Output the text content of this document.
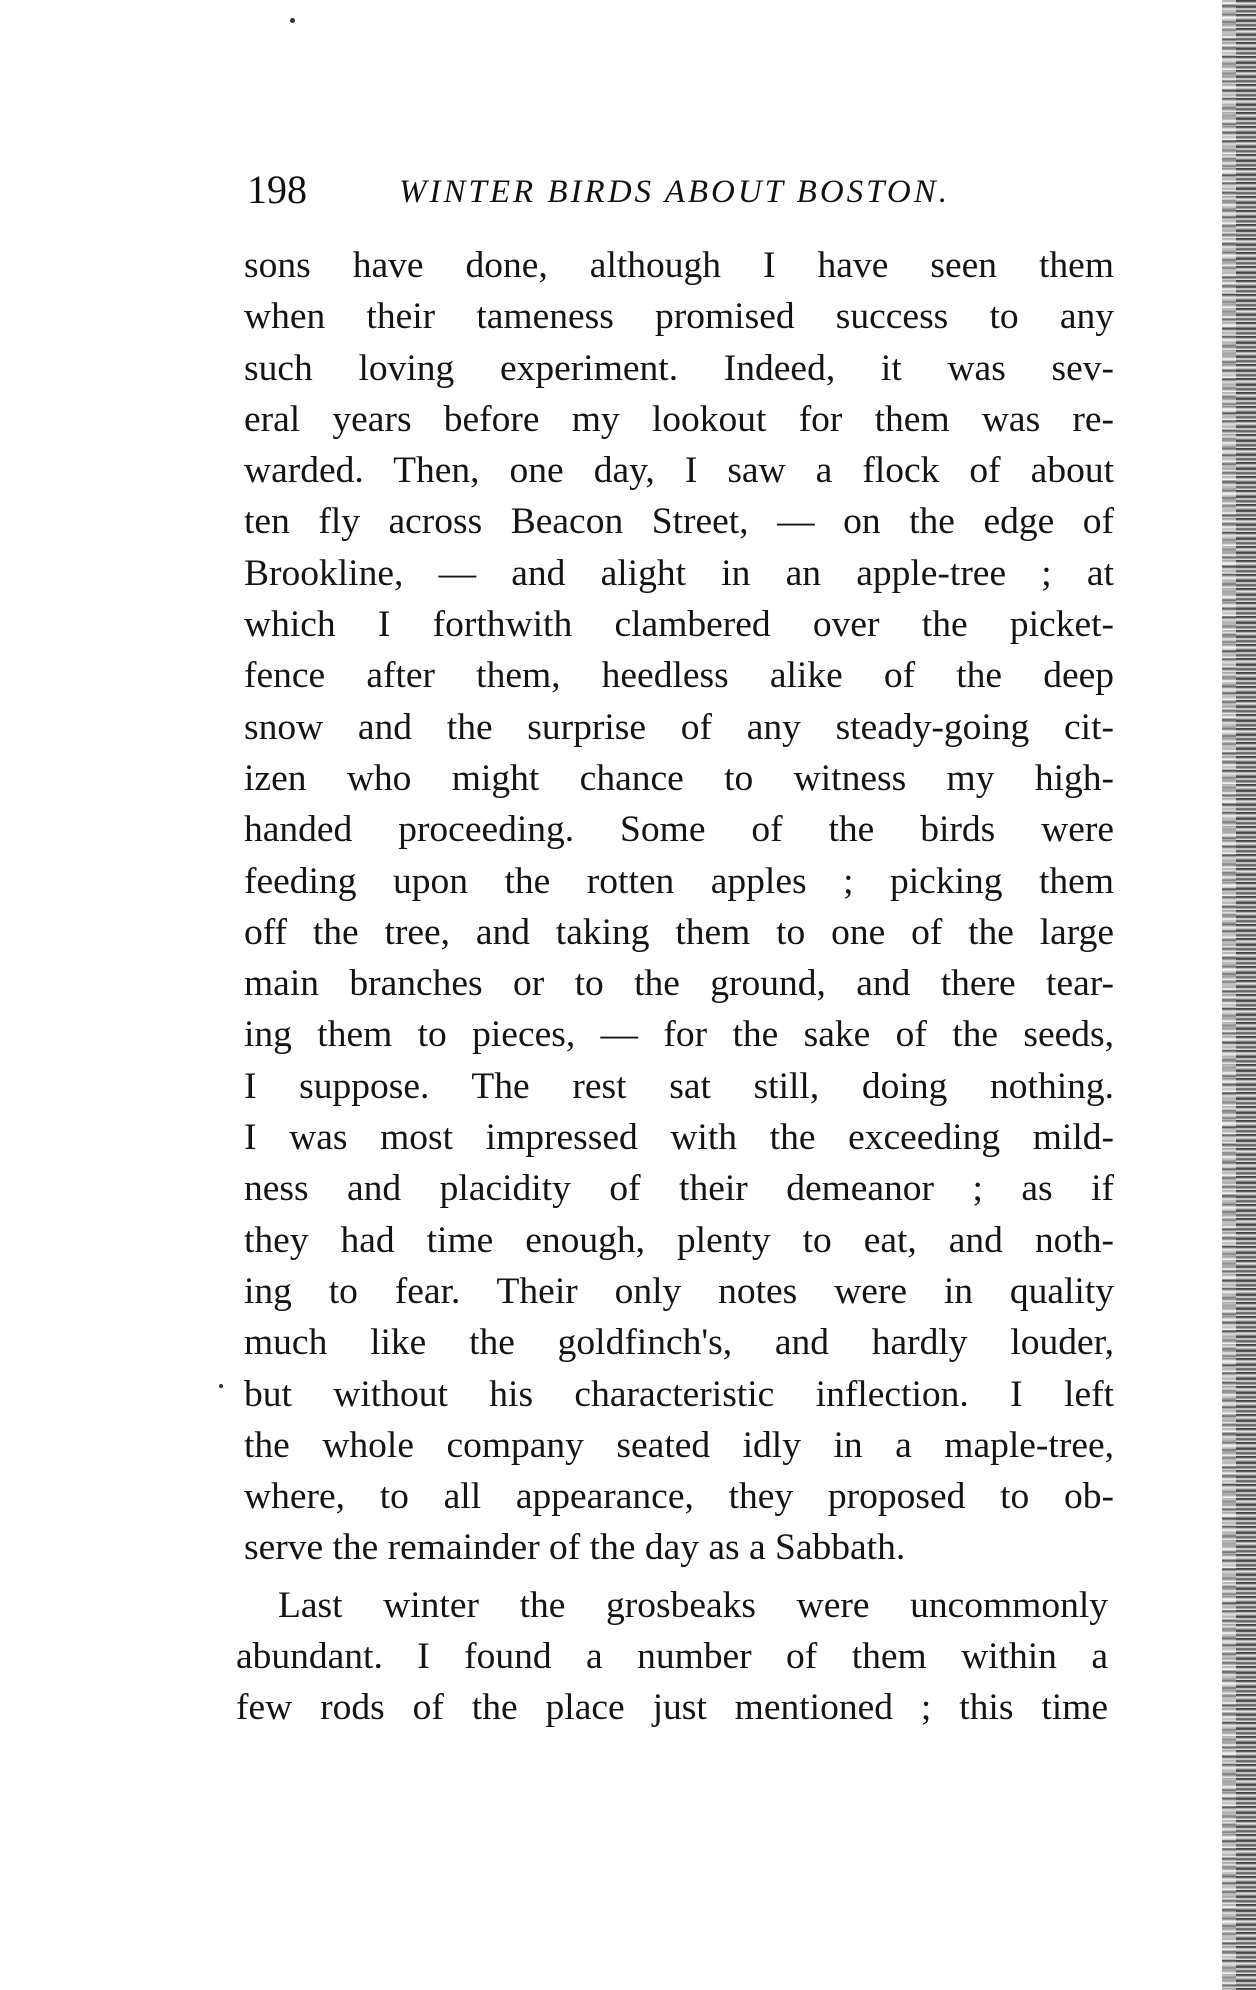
198	WINTER BIRDS ABOUT BOSTON.
sons have done, although I have seen them
when their tameness promised success to any
such loving experiment. Indeed, it was sev-
eral years before my lookout for them was re-
warded. Then, one day, I saw a flock of about
ten fly across Beacon Street, — on the edge of
Brookline, — and alight in an apple-tree ; at
which I forthwith clambered over the picket-
fence after them, heedless alike of the deep
snow and the surprise of any steady-going cit-
izen who might chance to witness my high-
handed proceeding. Some of the birds were
feeding upon the rotten apples ; picking them
off the tree, and taking them to one of the large
main branches or to the ground, and there tear-
ing them to pieces, — for the sake of the seeds,
I suppose. The rest sat still, doing nothing.
I was most impressed with the exceeding mild-
ness and placidity of their demeanor ; as if
they had time enough, plenty to eat, and noth-
ing to fear. Their only notes were in quality
much like the goldfinch's, and hardly louder,
but without his characteristic inflection. I left
the whole company seated idly in a maple-tree,
where, to all appearance, they proposed to ob-
serve the remainder of the day as a Sabbath.
Last winter the grosbeaks were uncommonly
abundant. I found a number of them within a
few rods of the place just mentioned ; this time
